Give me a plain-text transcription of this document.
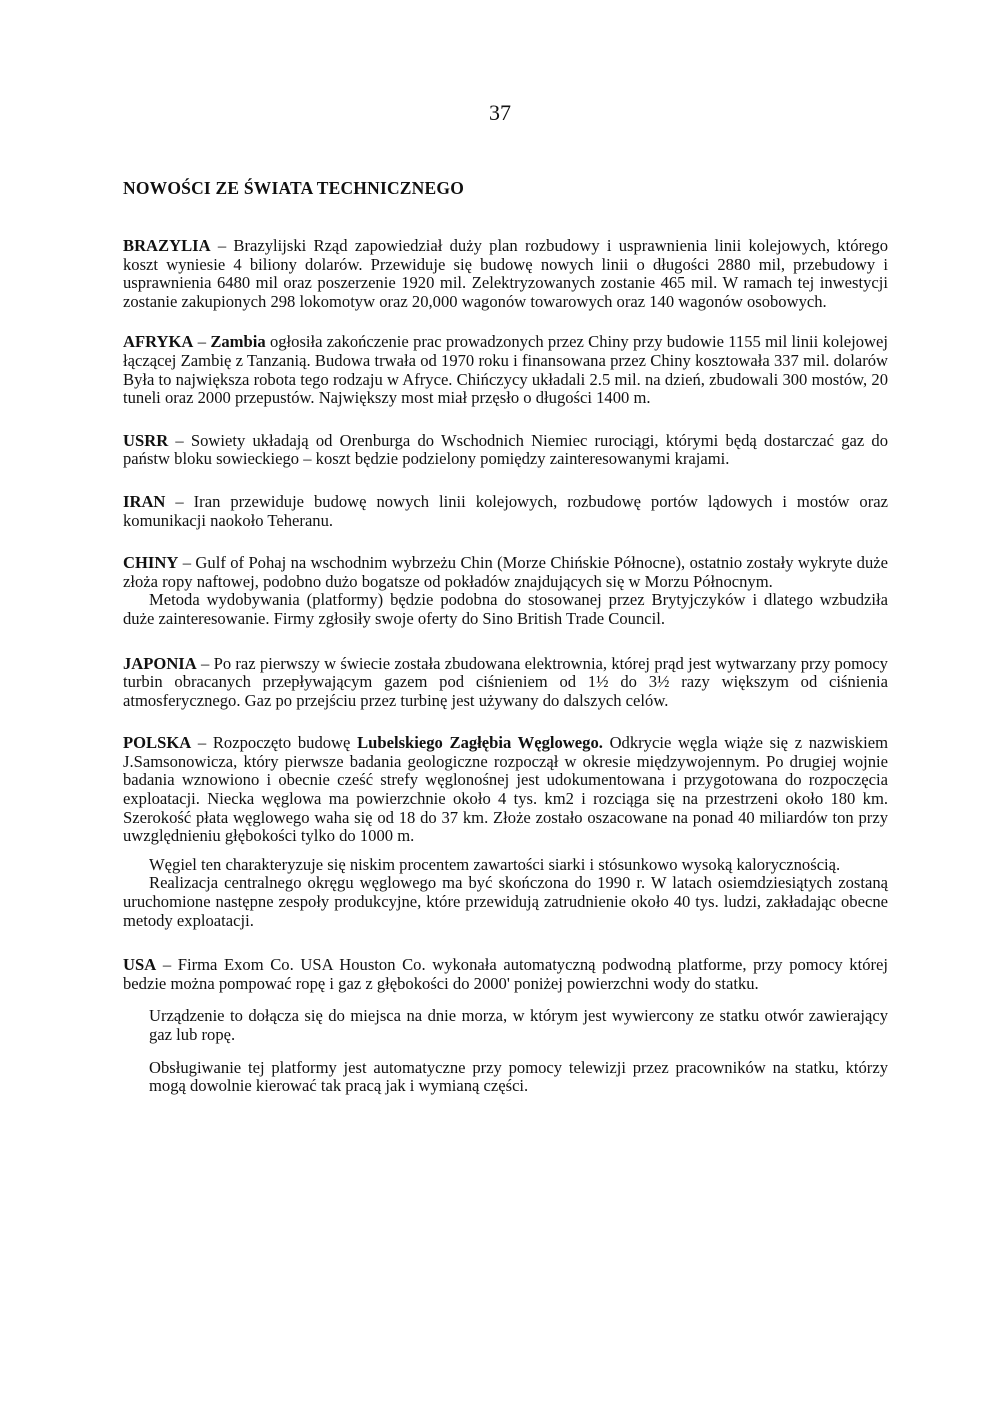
37
NOWOŚCI ZE ŚWIATA TECHNICZNEGO

BRAZYLIA – Brazylijski Rząd zapowiedział duży plan rozbudowy i usprawnienia linii kolejowych, którego koszt wyniesie 4 biliony dolarów. Przewiduje się budowę nowych linii o długości 2880 mil, przebudowy i usprawnienia 6480 mil oraz poszerzenie 1920 mil. Zelektryzowanych zostanie 465 mil. W ramach tej inwestycji zostanie zakupionych 298 lokomotyw oraz 20,000 wagonów towarowych oraz 140 wagonów osobowych.

AFRYKA – Zambia ogłosiła zakończenie prac prowadzonych przez Chiny przy budowie 1155 mil linii kolejowej łączącej Zambię z Tanzanią. Budowa trwała od 1970 roku i finansowana przez Chiny kosztowała 337 mil. dolarów Była to największa robota tego rodzaju w Afryce. Chińczycy układali 2.5 mil. na dzień, zbudowali 300 mostów, 20 tuneli oraz 2000 przepustów. Największy most miał przęsło o długości 1400 m.

USRR – Sowiety układają od Orenburga do Wschodnich Niemiec rurociągi, którymi będą dostarczać gaz do państw bloku sowieckiego – koszt będzie podzielony pomiędzy zainteresowanymi krajami.

IRAN – Iran przewiduje budowę nowych linii kolejowych, rozbudowę portów lądowych i mostów oraz komunikacji naokoło Teheranu.

CHINY – Gulf of Pohaj na wschodnim wybrzeżu Chin (Morze Chińskie Północne), ostatnio zostały wykryte duże złoża ropy naftowej, podobno dużo bogatsze od pokładów znajdujących się w Morzu Północnym.

Metoda wydobywania (platformy) będzie podobna do stosowanej przez Brytyjczyków i dlatego wzbudziła duże zainteresowanie. Firmy zgłosiły swoje oferty do Sino British Trade Council.

JAPONIA – Po raz pierwszy w świecie została zbudowana elektrownia, której prąd jest wytwarzany przy pomocy turbin obracanych przepływającym gazem pod ciśnieniem od 1½ do 3½ razy większym od ciśnienia atmosferycznego. Gaz po przejściu przez turbinę jest używany do dalszych celów.

POLSKA – Rozpoczęto budowę Lubelskiego Zagłębia Węglowego. Odkrycie węgla wiąże się z nazwiskiem J.Samsonowicza, który pierwsze badania geologiczne rozpoczął w okresie międzywojennym. Po drugiej wojnie badania wznowiono i obecnie cześć strefy węglonośnej jest udokumentowana i przygotowana do rozpoczęcia exploatacji. Niecka węglowa ma powierzchnie około 4 tys. km2 i rozciąga się na przestrzeni około 180 km. Szerokość płata węglowego waha się od 18 do 37 km. Złoże zostało oszacowane na ponad 40 miliardów ton przy uwzględnieniu głębokości tylko do 1000 m.

Węgiel ten charakteryzuje się niskim procentem zawartości siarki i stósunkowo wysoką kalorycznością.

Realizacja centralnego okręgu węglowego ma być skończona do 1990 r. W latach osiemdziesiątych zostaną uruchomione następne zespoły produkcyjne, które przewidują zatrudnienie około 40 tys. ludzi, zakładając obecne metody exploatacji.

USA – Firma Exom Co. USA Houston Co. wykonała automatyczną podwodną platforme, przy pomocy której bedzie można pompować ropę i gaz z głębokości do 2000' poniżej powierzchni wody do statku.

Urządzenie to dołącza się do miejsca na dnie morza, w którym jest wywiercony ze statku otwór zawierający gaz lub ropę.

Obsługiwanie tej platformy jest automatyczne przy pomocy telewizji przez pracowników na statku, którzy mogą dowolnie kierować tak pracą jak i wymianą części.
